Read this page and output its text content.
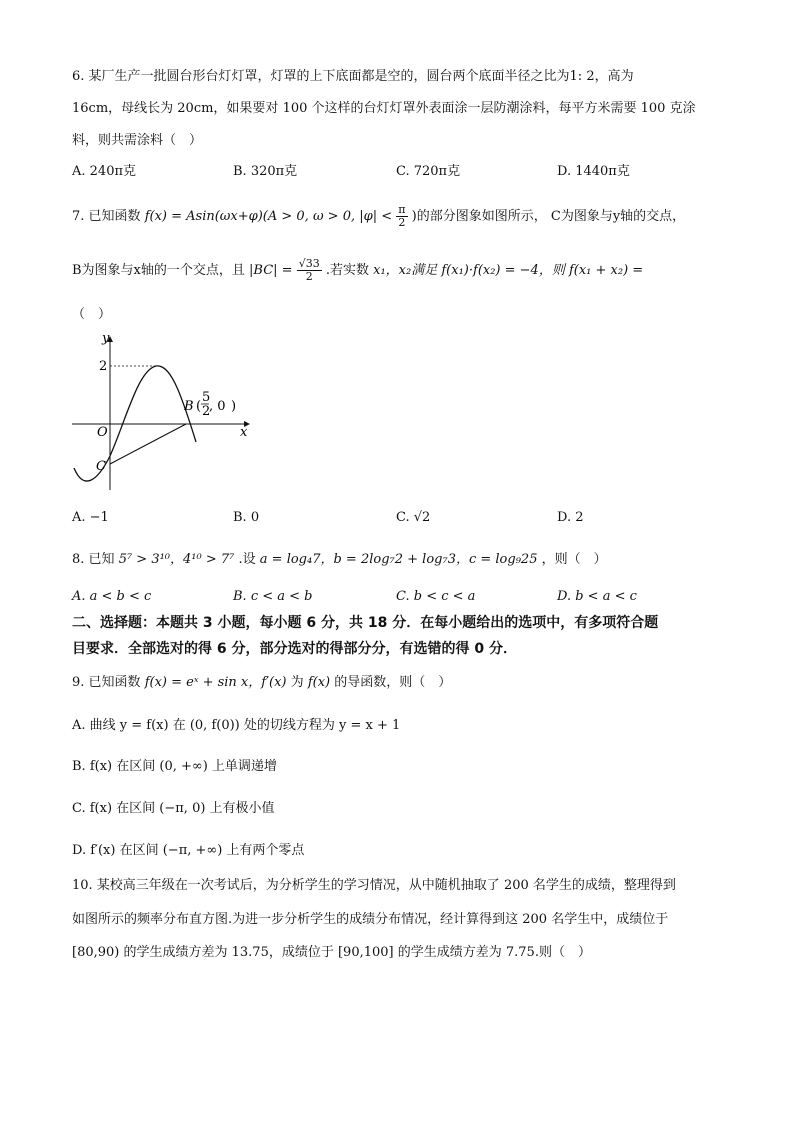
6. 某厂生产一批圆台形台灯灯罩，灯罩的上下底面都是空的，圆台两个底面半径之比为1: 2，高为
16cm，母线长为 20cm，如果要对 100 个这样的台灯灯罩外表面涂一层防潮涂料，每平方米需要 100 克涂
料，则共需涂料（　）
A. 240π克	B. 320π克	C. 720π克	D. 1440π克
7. 已知函数 f(x) = Asin(ωx+φ)(A > 0, ω > 0, $|\varphi| < \frac{\pi}{2}$ )的部分图象如图所示， C为图象与y轴的交点，
B为图象与x轴的一个交点，且 $|BC| = \frac{√33}{2}$ .若实数 x₁，x₂满足 f(x₁)·f(x₂) = −4，则 f(x₁ + x₂) =
（　）
y
x
O
2
C
B (
5
2
, 0 )
A. −1	B. 0	C. √2	D. 2
8. 已知 5⁷ > 3¹⁰，4¹⁰ > 7⁷ .设 a = log₄7，b = 2log₇2 + log₇3，c = log₉25 ，则（　）
A. a < b < c	B. c < a < b	C. b < c < a	D. b < a < c
二、选择题：本题共 3 小题，每小题 6 分，共 18 分．在每小题给出的选项中，有多项符合题
目要求．全部选对的得 6 分，部分选对的得部分分，有选错的得 0 分．
9. 已知函数 f(x) = eˣ + sin x，f′(x) 为 f(x) 的导函数，则（　）
A. 曲线 y = f(x) 在 (0, f(0)) 处的切线方程为 y = x + 1
B. f(x) 在区间 (0, +∞) 上单调递增
C. f(x) 在区间 (−π, 0) 上有极小值
D. f′(x) 在区间 (−π, +∞) 上有两个零点
10. 某校高三年级在一次考试后，为分析学生的学习情况，从中随机抽取了 200 名学生的成绩，整理得到
如图所示的频率分布直方图.为进一步分析学生的成绩分布情况，经计算得到这 200 名学生中，成绩位于
[80,90) 的学生成绩方差为 13.75，成绩位于 [90,100] 的学生成绩方差为 7.75.则（　）
